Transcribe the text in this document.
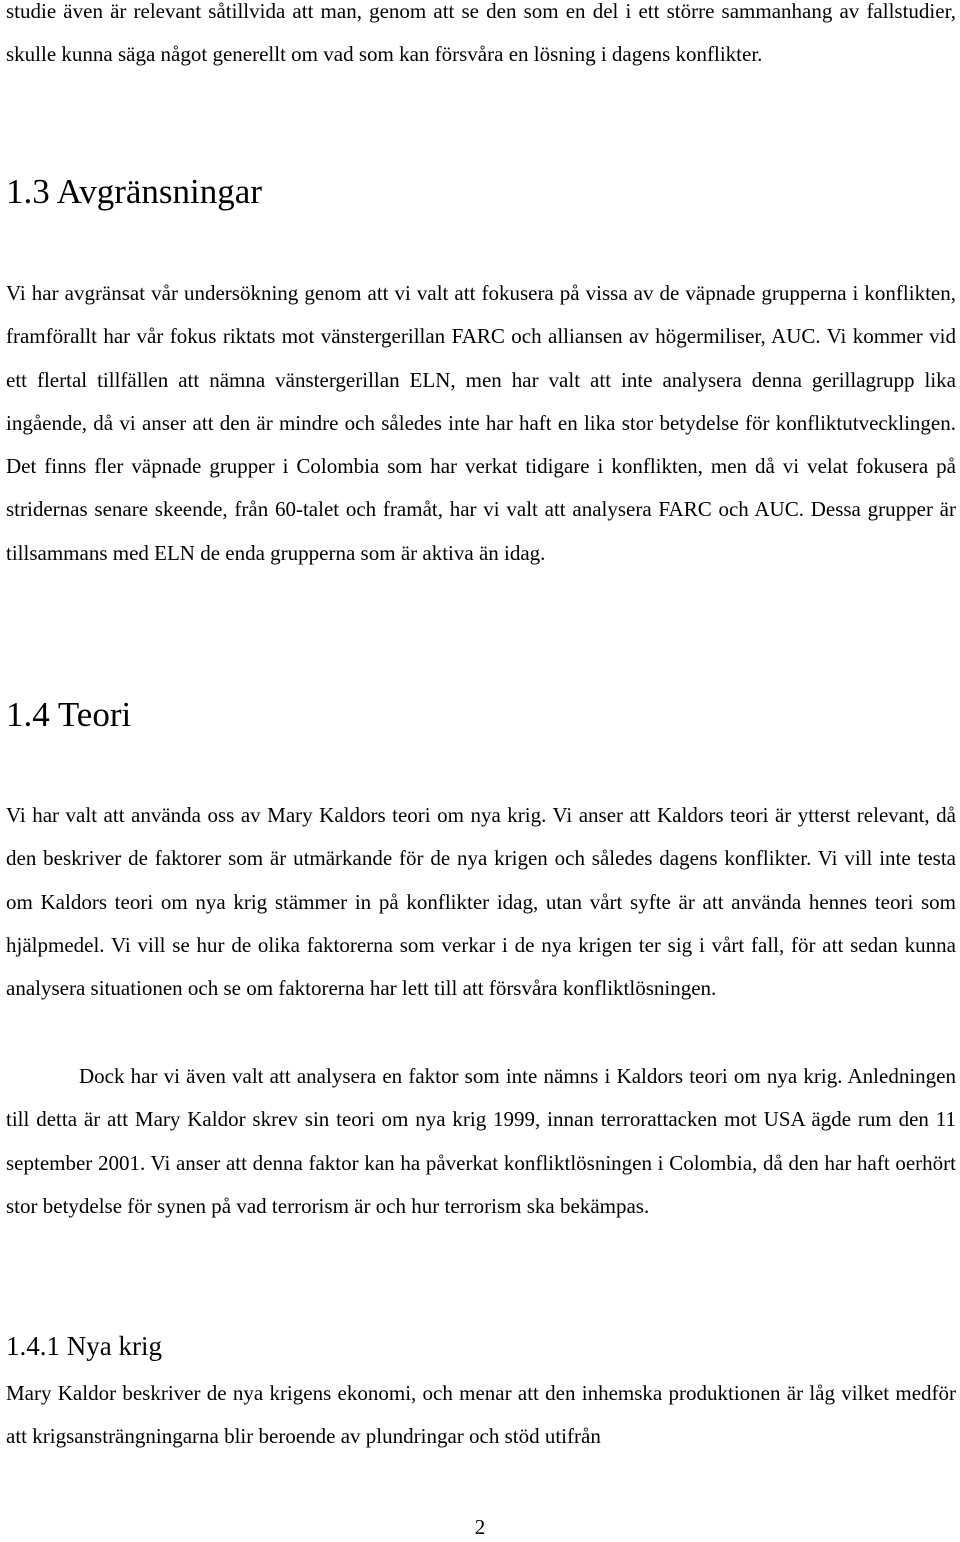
studie även är relevant såtillvida att man, genom att se den som en del i ett större sammanhang av fallstudier, skulle kunna säga något generellt om vad som kan försvåra en lösning i dagens konflikter.

1.3 Avgränsningar

Vi har avgränsat vår undersökning genom att vi valt att fokusera på vissa av de väpnade grupperna i konflikten, framförallt har vår fokus riktats mot vänstergerillan FARC och alliansen av högermiliser, AUC. Vi kommer vid ett flertal tillfällen att nämna vänstergerillan ELN, men har valt att inte analysera denna gerillagrupp lika ingående, då vi anser att den är mindre och således inte har haft en lika stor betydelse för konfliktutvecklingen. Det finns fler väpnade grupper i Colombia som har verkat tidigare i konflikten, men då vi velat fokusera på stridernas senare skeende, från 60-talet och framåt, har vi valt att analysera FARC och AUC. Dessa grupper är tillsammans med ELN de enda grupperna som är aktiva än idag.

1.4 Teori

Vi har valt att använda oss av Mary Kaldors teori om nya krig. Vi anser att Kaldors teori är ytterst relevant, då den beskriver de faktorer som är utmärkande för de nya krigen och således dagens konflikter. Vi vill inte testa om Kaldors teori om nya krig stämmer in på konflikter idag, utan vårt syfte är att använda hennes teori som hjälpmedel. Vi vill se hur de olika faktorerna som verkar i de nya krigen ter sig i vårt fall, för att sedan kunna analysera situationen och se om faktorerna har lett till att försvåra konfliktlösningen.

Dock har vi även valt att analysera en faktor som inte nämns i Kaldors teori om nya krig. Anledningen till detta är att Mary Kaldor skrev sin teori om nya krig 1999, innan terrorattacken mot USA ägde rum den 11 september 2001. Vi anser att denna faktor kan ha påverkat konfliktlösningen i Colombia, då den har haft oerhört stor betydelse för synen på vad terrorism är och hur terrorism ska bekämpas.

1.4.1 Nya krig

Mary Kaldor beskriver de nya krigens ekonomi, och menar att den inhemska produktionen är låg vilket medför att krigsansträngningarna blir beroende av plundringar och stöd utifrån

2
